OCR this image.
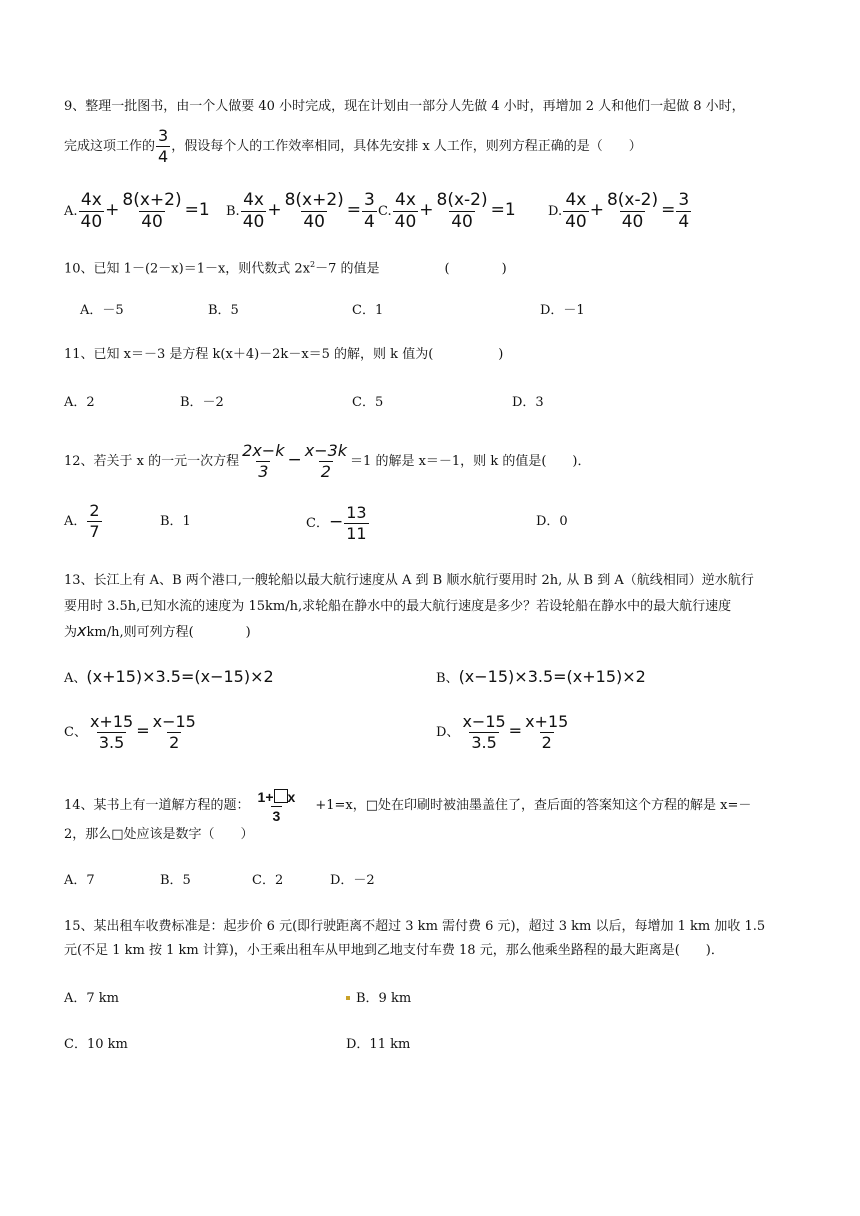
9、整理一批图书，由一个人做要 40 小时完成，现在计划由一部分人先做 4 小时，再增加 2 人和他们一起做 8 小时，
完成这项工作的 $\frac{3}{4}$ ，假设每个人的工作效率相同，具体先安排 x 人工作，则列方程正确的是（　　）
A. $\frac{4x}{40} + \frac{8(x+2)}{40} =1$ B. $\frac{4x}{40} + \frac{8(x+2)}{40} = \frac{3}{4} C$. $\frac{4x}{40} + \frac{8(x-2)}{40} =1$ D. $\frac{4x}{40} + \frac{8(x-2)}{40} = \frac{3}{4}$
10、已知 1－(2－x)＝1－x，则代数式 $2x^2-7$ 的值是　　　　　(　　　　)
A．－5	B．5	C．1	D．－1
11、已知 x＝－3 是方程 k(x＋4)－2k－x＝5 的解，则 k 值为(　　　　　)
A．2	B．－2	C．5	D．3
12、若关于 x 的一元一次方程 $\frac{2x-k}{3} - \frac{x-3k}{2} =1$ 的解是 x＝－1，则 k 的值是(　　)．
A． $\frac{2}{7}$	B．1	C．− $\frac{13}{11}$	D．0
13、长江上有 A、B 两个港口,一艘轮船以最大航行速度从 A 到 B 顺水航行要用时 2h, 从 B 到 A（航线相同）逆水航行
要用时 3.5h,已知水流的速度为 15km/h,求轮船在静水中的最大航行速度是多少？若设轮船在静水中的最大航行速度
为xkm/h,则可列方程(　　　　)
A、(x+15)×3.5=(x−15)×2	B、(x−15)×3.5=(x+15)×2
C、 $\frac{x+15}{3.5} = \frac{x-15}{2}$	D、 $\frac{x-15}{3.5} = \frac{x+15}{2}$
14、某书上有一道解方程的题： $\frac{1+ x}{3} +1=x$，□处在印刷时被油墨盖住了，查后面的答案知这个方程的解是 x=－
2，那么□处应该是数字（　　）
A．7	B．5	C．2	D．－2
15、某出租车收费标准是：起步价 6 元(即行驶距离不超过 3 km 需付费 6 元)，超过 3 km 以后，每增加 1 km 加收 1.5
元(不足 1 km 按 1 km 计算)，小王乘出租车从甲地到乙地支付车费 18 元，那么他乘坐路程的最大距离是(　　)．
A．7 km	B．9 km
C．10 km	D．11 km
